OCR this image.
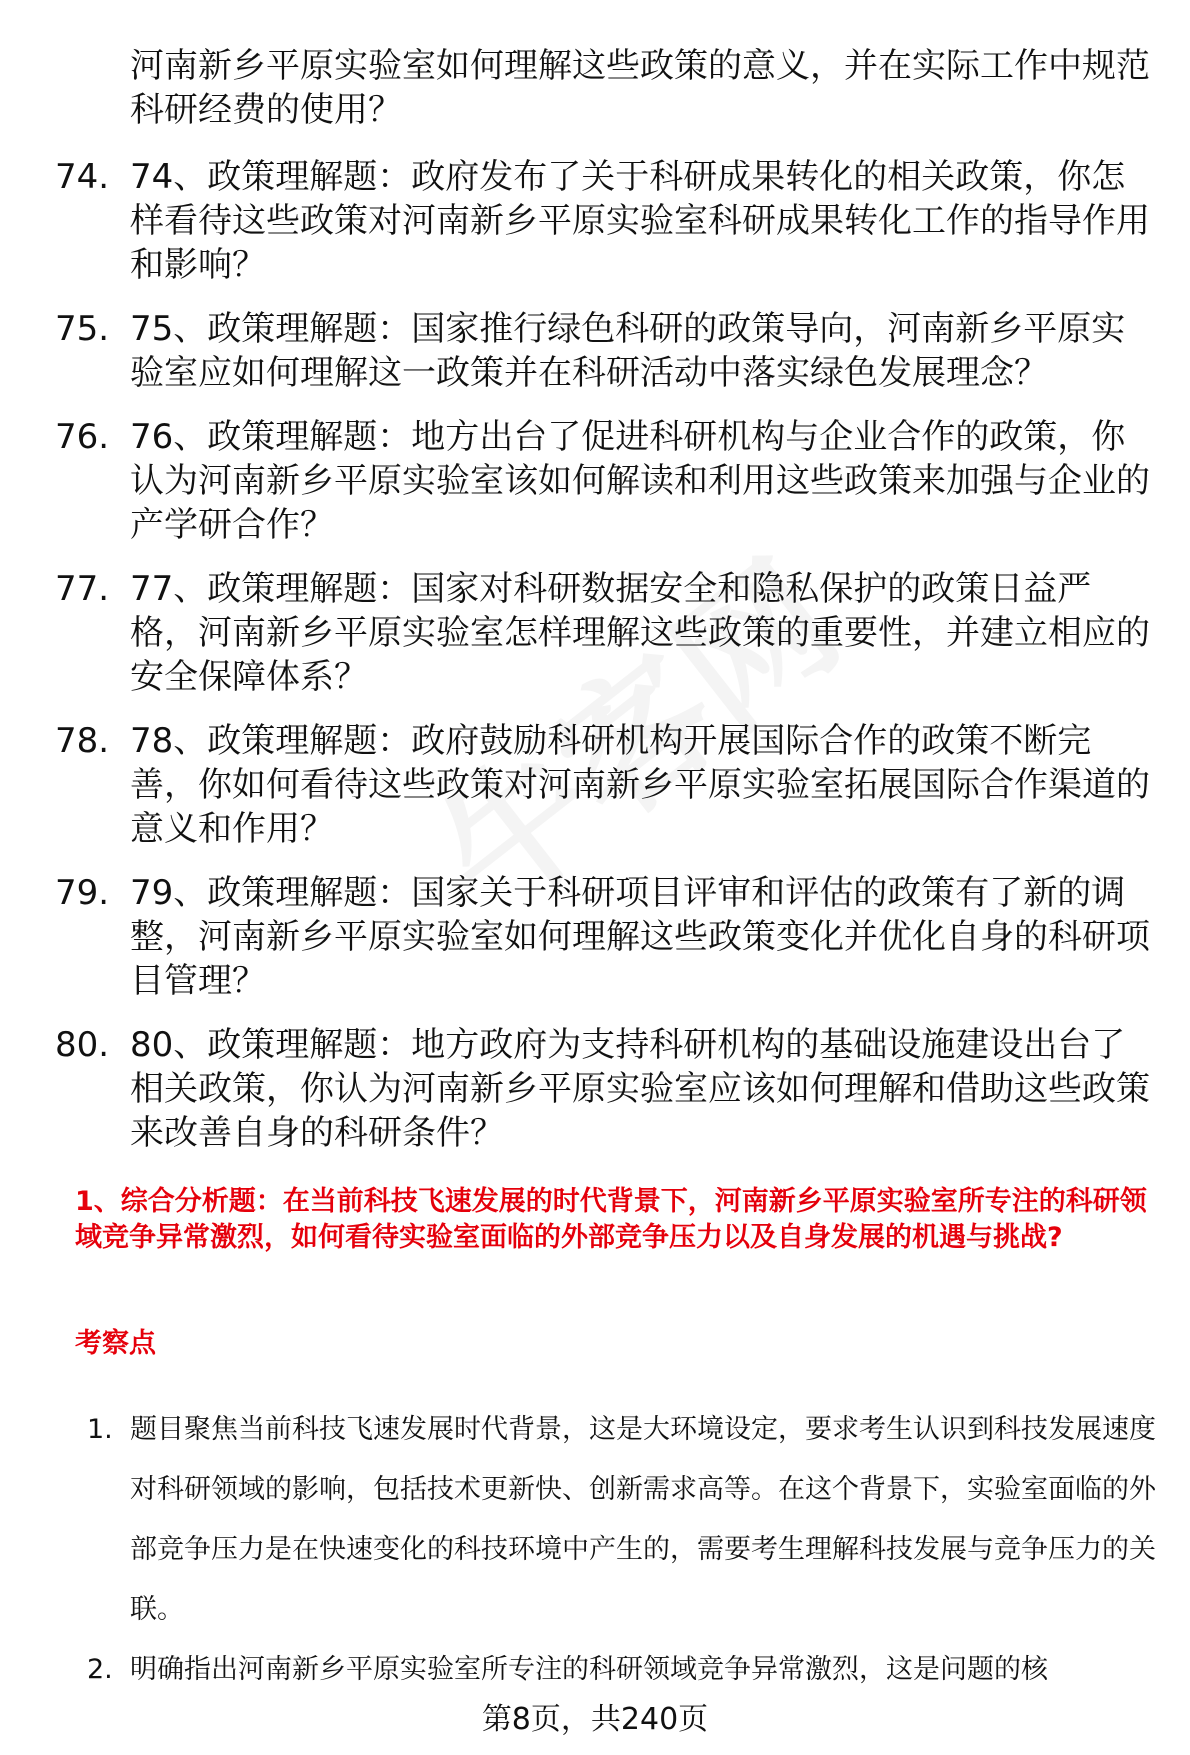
河南新乡平原实验室如何理解这些政策的意义，并在实际工作中规范科研经费的使用？

74. 74、政策理解题：政府发布了关于科研成果转化的相关政策，你怎样看待这些政策对河南新乡平原实验室科研成果转化工作的指导作用和影响？
75. 75、政策理解题：国家推行绿色科研的政策导向，河南新乡平原实验室应如何理解这一政策并在科研活动中落实绿色发展理念？
76. 76、政策理解题：地方出台了促进科研机构与企业合作的政策，你认为河南新乡平原实验室该如何解读和利用这些政策来加强与企业的产学研合作？
77. 77、政策理解题：国家对科研数据安全和隐私保护的政策日益严格，河南新乡平原实验室怎样理解这些政策的重要性，并建立相应的安全保障体系？
78. 78、政策理解题：政府鼓励科研机构开展国际合作的政策不断完善，你如何看待这些政策对河南新乡平原实验室拓展国际合作渠道的意义和作用？
79. 79、政策理解题：国家关于科研项目评审和评估的政策有了新的调整，河南新乡平原实验室如何理解这些政策变化并优化自身的科研项目管理？
80. 80、政策理解题：地方政府为支持科研机构的基础设施建设出台了相关政策，你认为河南新乡平原实验室应该如何理解和借助这些政策来改善自身的科研条件？

1、综合分析题：在当前科技飞速发展的时代背景下，河南新乡平原实验室所专注的科研领域竞争异常激烈，如何看待实验室面临的外部竞争压力以及自身发展的机遇与挑战?

考察点

1. 题目聚焦当前科技飞速发展时代背景，这是大环境设定，要求考生认识到科技发展速度对科研领域的影响，包括技术更新快、创新需求高等。在这个背景下，实验室面临的外部竞争压力是在快速变化的科技环境中产生的，需要考生理解科技发展与竞争压力的关联。
2. 明确指出河南新乡平原实验室所专注的科研领域竞争异常激烈，这是问题的核
第8页，共240页
